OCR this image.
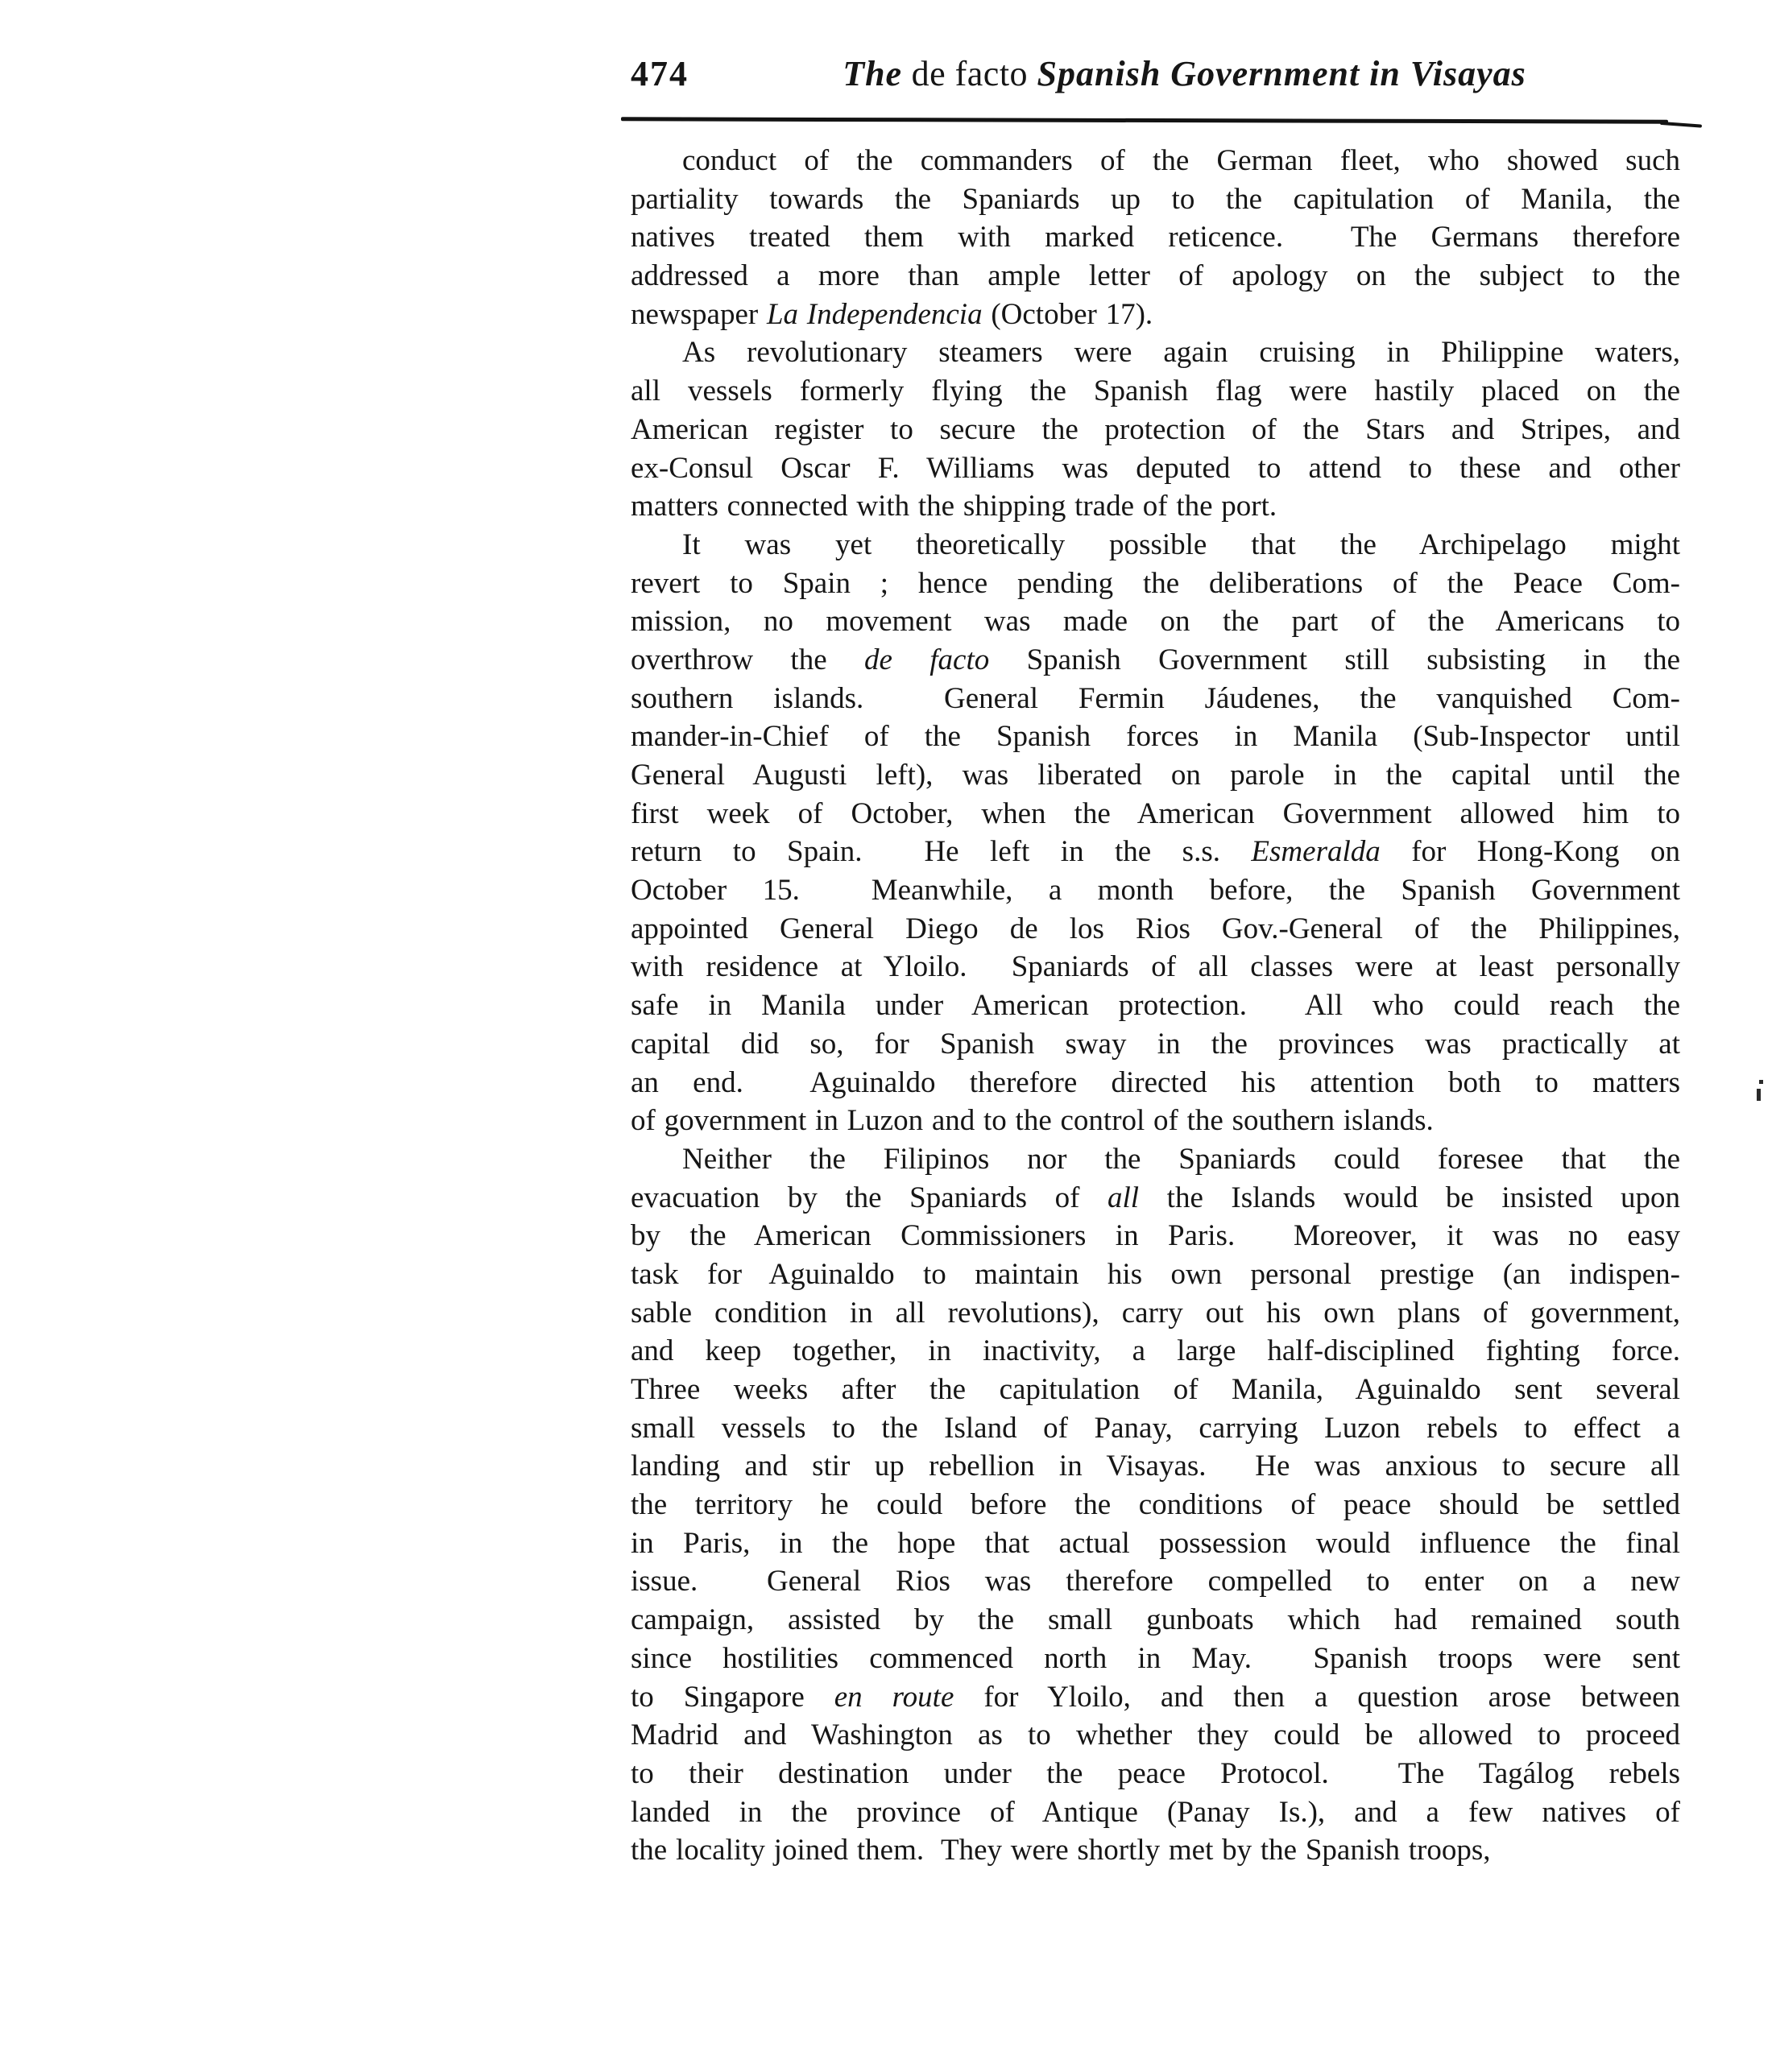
474	The de facto Spanish Government in Visayas
conduct of the commanders of the German fleet, who showed such
partiality towards the Spaniards up to the capitulation of Manila, the
natives treated them with marked reticence.  The Germans therefore
addressed a more than ample letter of apology on the subject to the
newspaper La Independencia (October 17).
As revolutionary steamers were again cruising in Philippine waters,
all vessels formerly flying the Spanish flag were hastily placed on the
American register to secure the protection of the Stars and Stripes, and
ex-Consul Oscar F. Williams was deputed to attend to these and other
matters connected with the shipping trade of the port.
It was yet theoretically possible that the Archipelago might
revert to Spain ; hence pending the deliberations of the Peace Com-
mission, no movement was made on the part of the Americans to
overthrow the de facto Spanish Government still subsisting in the
southern islands.  General Fermin Jáudenes, the vanquished Com-
mander-in-Chief of the Spanish forces in Manila (Sub-Inspector until
General Augusti left), was liberated on parole in the capital until the
first week of October, when the American Government allowed him to
return to Spain.  He left in the s.s. Esmeralda for Hong-Kong on
October 15.  Meanwhile, a month before, the Spanish Government
appointed General Diego de los Rios Gov.-General of the Philippines,
with residence at Yloilo.  Spaniards of all classes were at least personally
safe in Manila under American protection.  All who could reach the
capital did so, for Spanish sway in the provinces was practically at
an end.  Aguinaldo therefore directed his attention both to matters
of government in Luzon and to the control of the southern islands.
Neither the Filipinos nor the Spaniards could foresee that the
evacuation by the Spaniards of all the Islands would be insisted upon
by the American Commissioners in Paris.  Moreover, it was no easy
task for Aguinaldo to maintain his own personal prestige (an indispen-
sable condition in all revolutions), carry out his own plans of government,
and keep together, in inactivity, a large half-disciplined fighting force.
Three weeks after the capitulation of Manila, Aguinaldo sent several
small vessels to the Island of Panay, carrying Luzon rebels to effect a
landing and stir up rebellion in Visayas.  He was anxious to secure all
the territory he could before the conditions of peace should be settled
in Paris, in the hope that actual possession would influence the final
issue.  General Rios was therefore compelled to enter on a new
campaign, assisted by the small gunboats which had remained south
since hostilities commenced north in May.  Spanish troops were sent
to Singapore en route for Yloilo, and then a question arose between
Madrid and Washington as to whether they could be allowed to proceed
to their destination under the peace Protocol.  The Tagálog rebels
landed in the province of Antique (Panay Is.), and a few natives of
the locality joined them.  They were shortly met by the Spanish troops,
